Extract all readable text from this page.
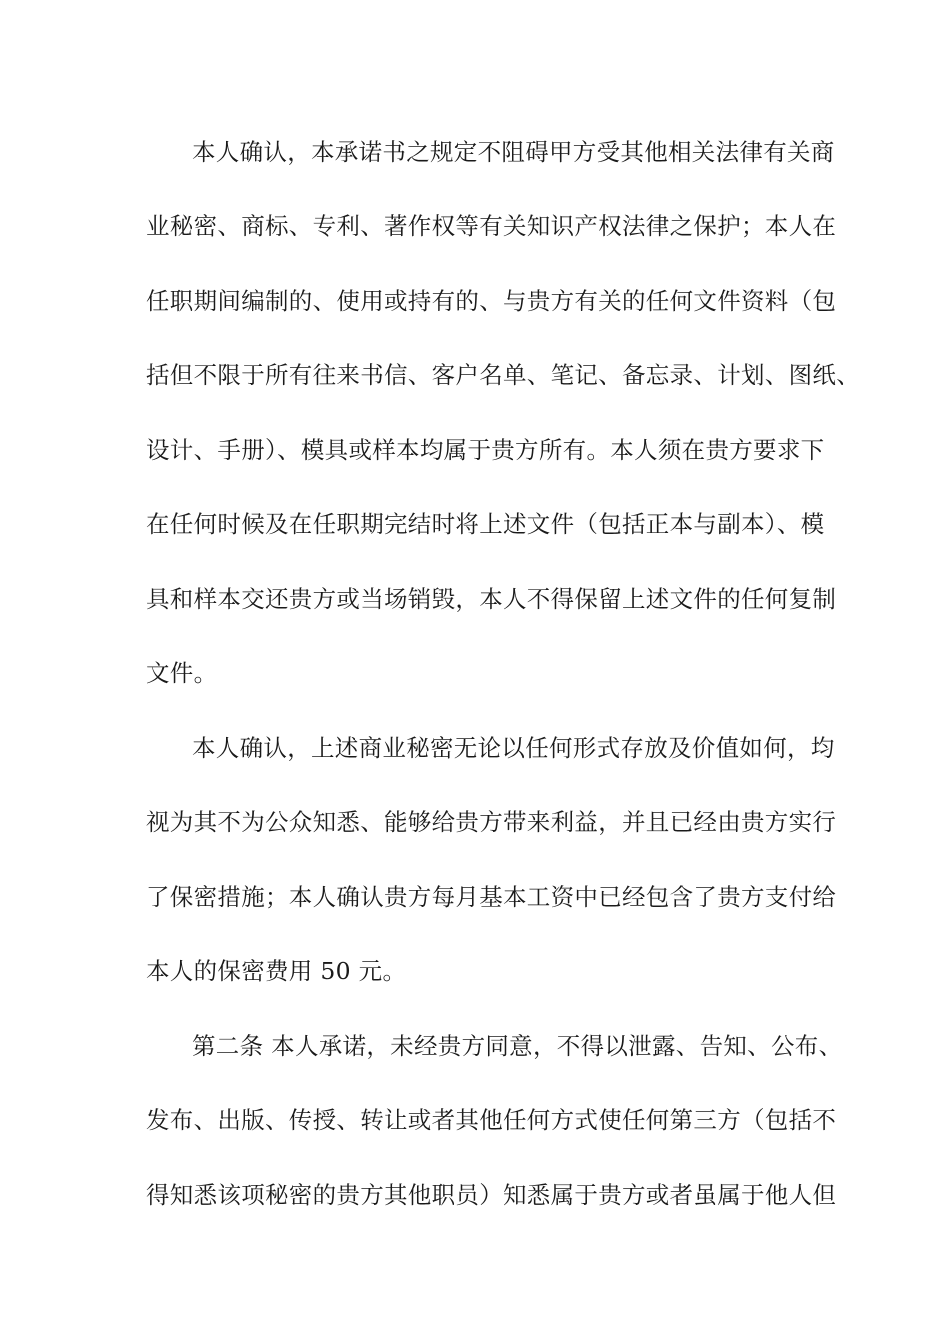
本人确认，本承诺书之规定不阻碍甲方受其他相关法律有关商
业秘密、商标、专利、著作权等有关知识产权法律之保护；本人在
任职期间编制的、使用或持有的、与贵方有关的任何文件资料（包
括但不限于所有往来书信、客户名单、笔记、备忘录、计划、图纸、
设计、手册）、模具或样本均属于贵方所有。本人须在贵方要求下
在任何时候及在任职期完结时将上述文件（包括正本与副本）、模
具和样本交还贵方或当场销毁，本人不得保留上述文件的任何复制
文件。
本人确认，上述商业秘密无论以任何形式存放及价值如何，均
视为其不为公众知悉、能够给贵方带来利益，并且已经由贵方实行
了保密措施；本人确认贵方每月基本工资中已经包含了贵方支付给
本人的保密费用 50 元。
第二条 本人承诺，未经贵方同意，不得以泄露、告知、公布、
发布、出版、传授、转让或者其他任何方式使任何第三方（包括不
得知悉该项秘密的贵方其他职员）知悉属于贵方或者虽属于他人但
